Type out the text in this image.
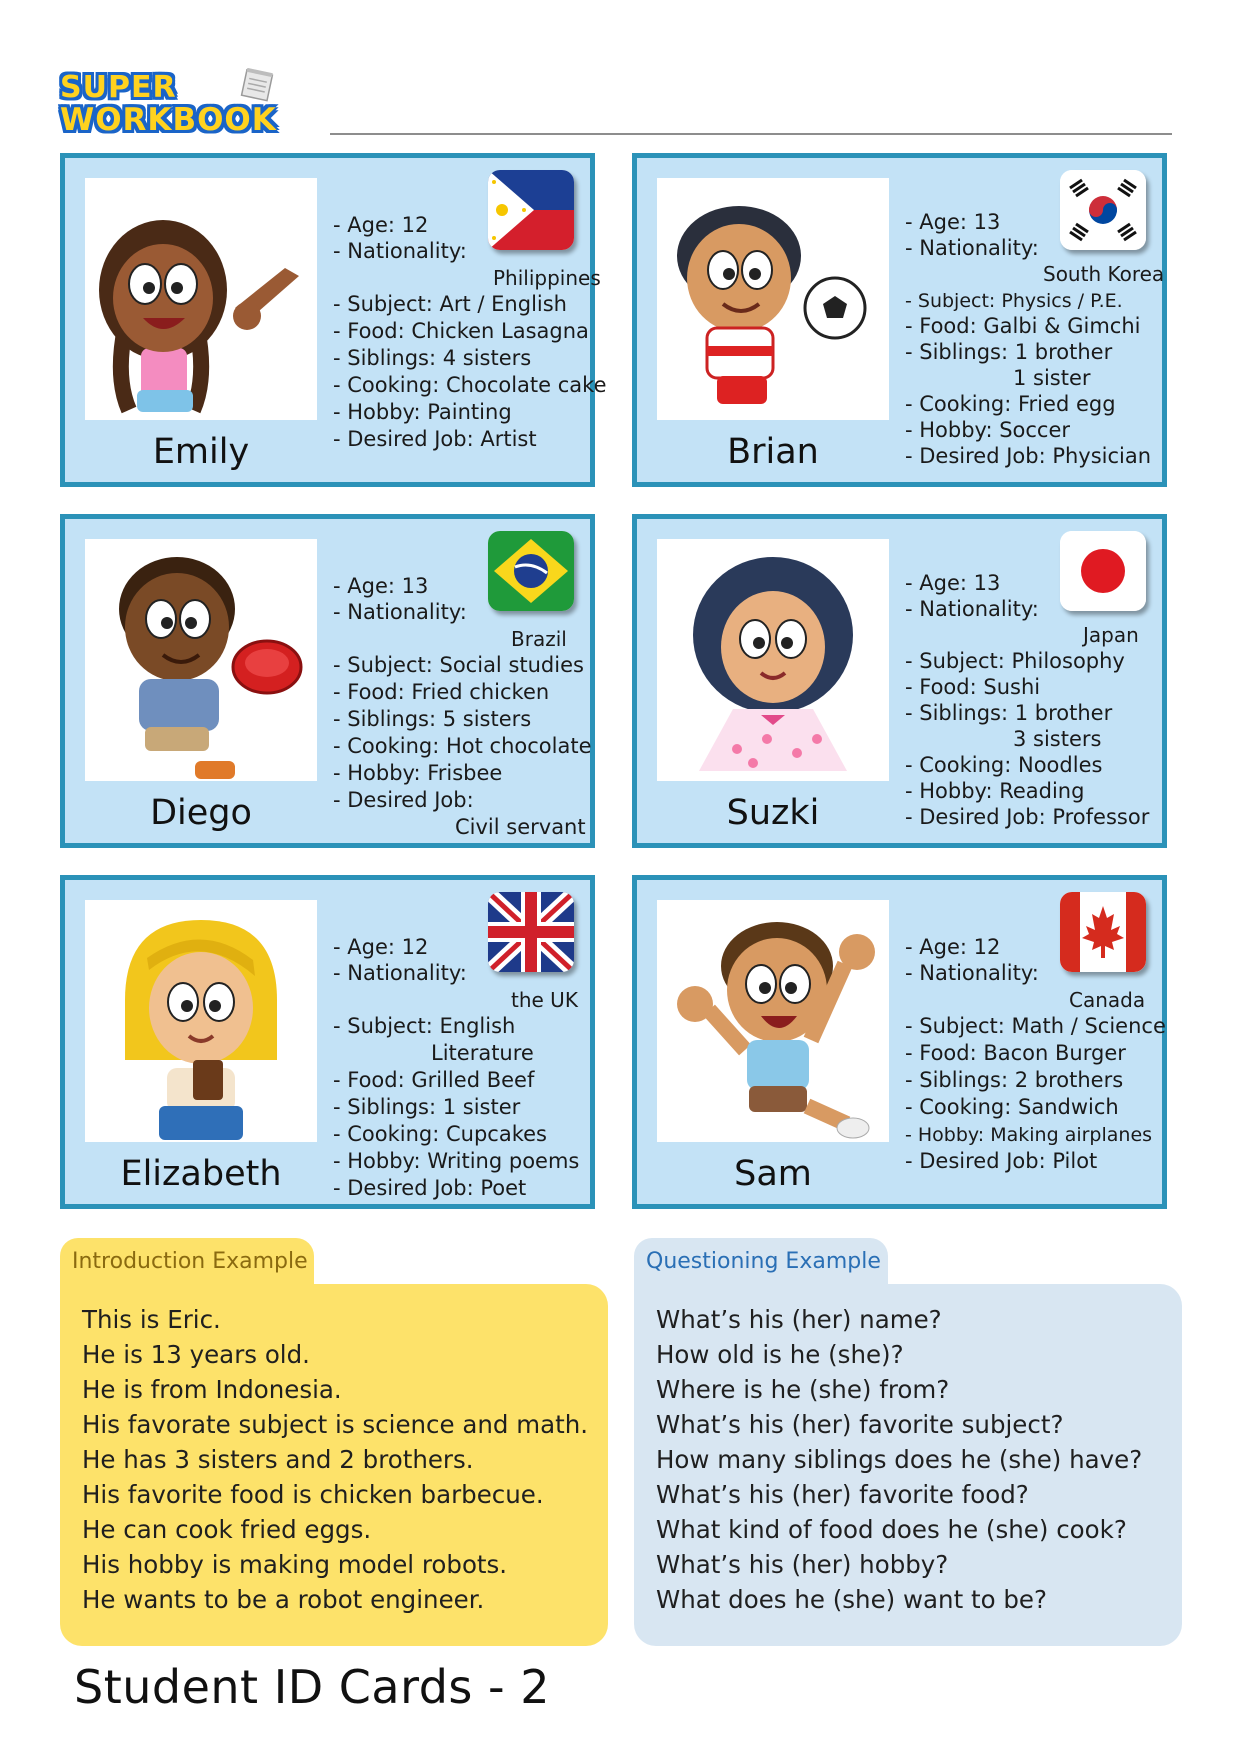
SUPER
WORKBOOK
Emily
- Age: 12
- Nationality:
Philippines
- Subject: Art / English
- Food: Chicken Lasagna
- Siblings: 4 sisters
- Cooking: Chocolate cake
- Hobby: Painting
- Desired Job: Artist	Brian
- Age: 13
- Nationality:
South Korea
- Subject: Physics / P.E.
- Food: Galbi & Gimchi
- Siblings: 1 brother
1 sister
- Cooking: Fried egg
- Hobby: Soccer
- Desired Job: Physician
Diego
- Age: 13
- Nationality:
Brazil
- Subject: Social studies
- Food: Fried chicken
- Siblings: 5 sisters
- Cooking: Hot chocolate
- Hobby: Frisbee
- Desired Job:
Civil servant	Suzki
- Age: 13
- Nationality:
Japan
- Subject: Philosophy
- Food: Sushi
- Siblings: 1 brother
3 sisters
- Cooking: Noodles
- Hobby: Reading
- Desired Job: Professor
Elizabeth
- Age: 12
- Nationality:
the UK
- Subject: English
Literature
- Food: Grilled Beef
- Siblings: 1 sister
- Cooking: Cupcakes
- Hobby: Writing poems
- Desired Job: Poet	Sam
- Age: 12
- Nationality:
Canada
- Subject: Math / Science
- Food: Bacon Burger
- Siblings: 2 brothers
- Cooking: Sandwich
- Hobby: Making airplanes
- Desired Job: Pilot
Introduction Example
This is Eric.
He is 13 years old.
He is from Indonesia.
His favorate subject is science and math.
He has 3 sisters and 2 brothers.
His favorite food is chicken barbecue.
He can cook fried eggs.
His hobby is making model robots.
He wants to be a robot engineer.
Questioning Example
What’s his (her) name?
How old is he (she)?
Where is he (she) from?
What’s his (her) favorite subject?
How many siblings does he (she) have?
What’s his (her) favorite food?
What kind of food does he (she) cook?
What’s his (her) hobby?
What does he (she) want to be?
Student ID Cards - 2
